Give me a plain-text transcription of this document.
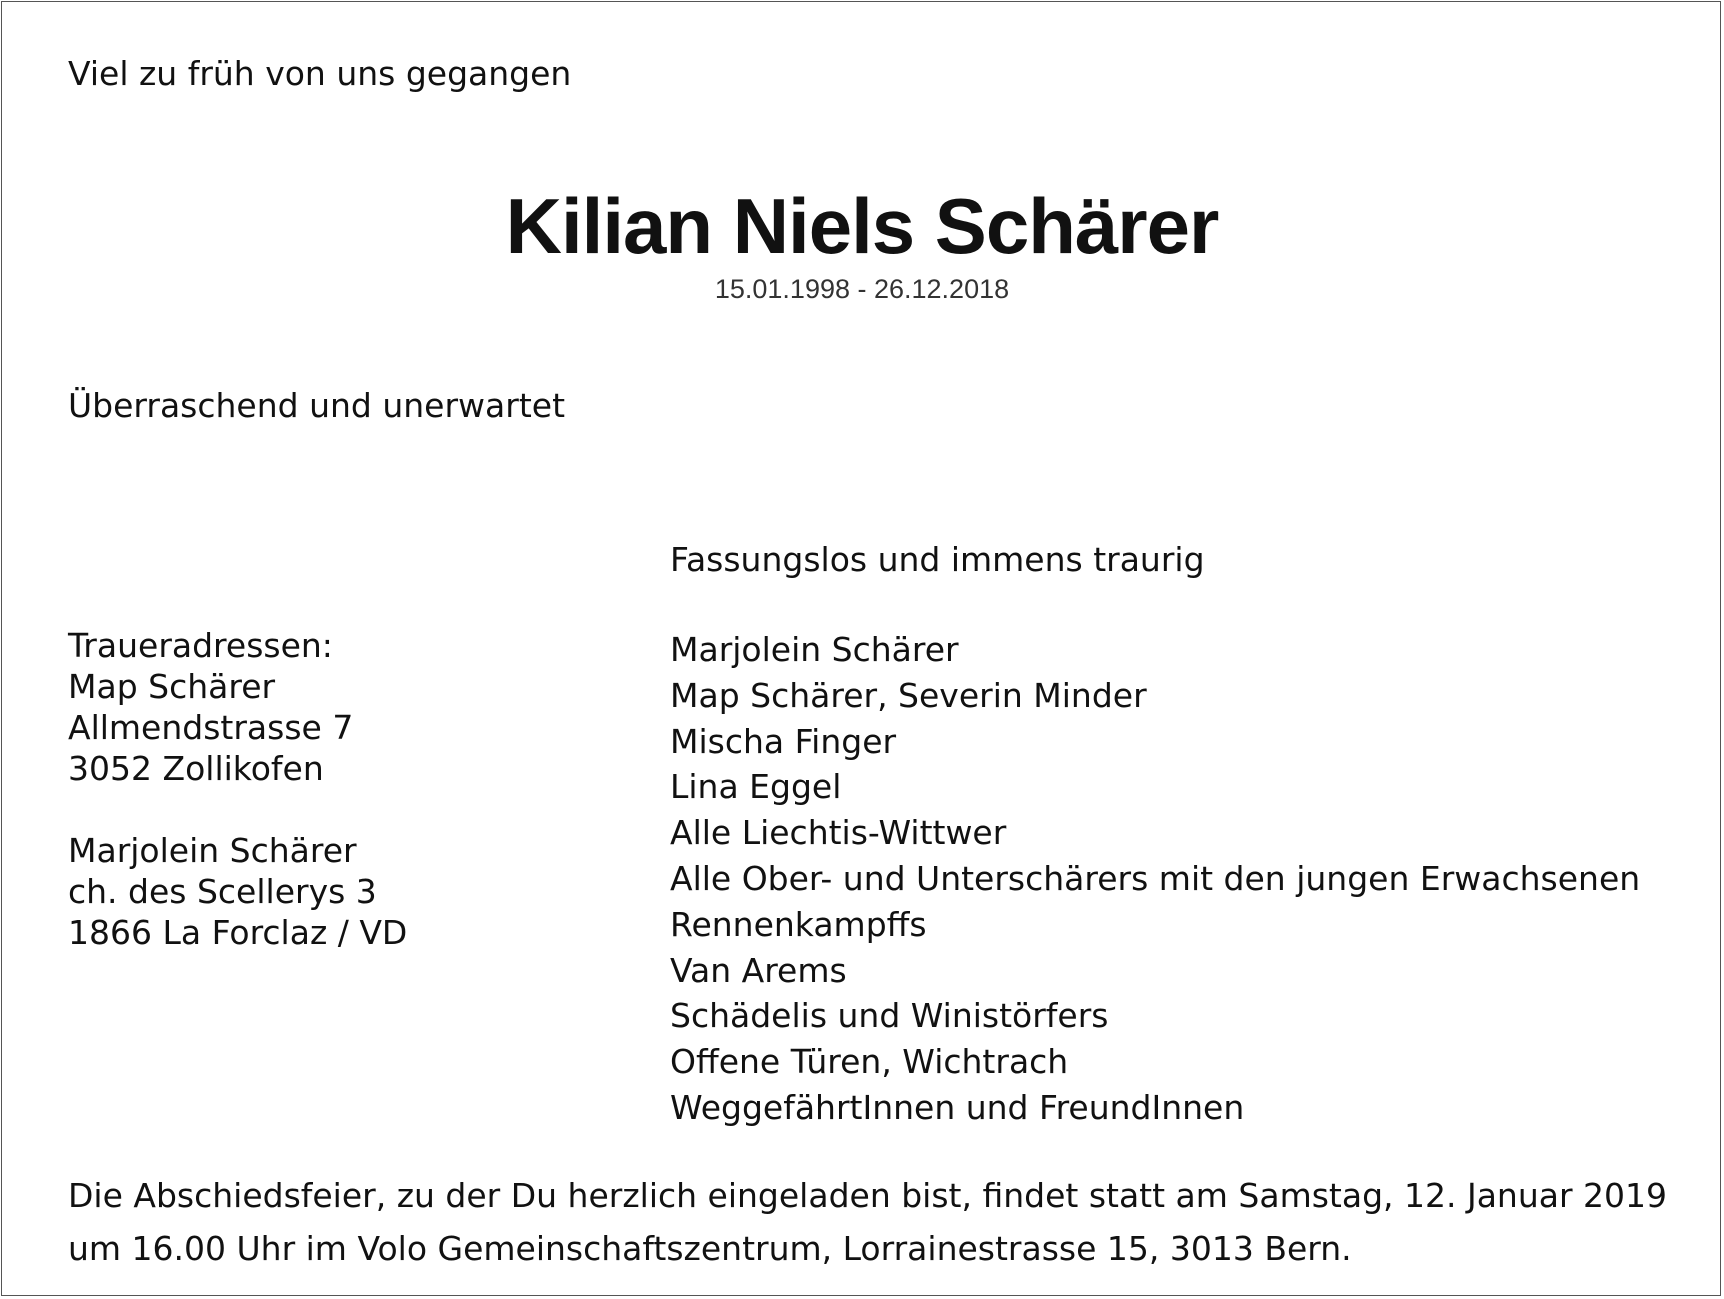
Viel zu früh von uns gegangen

Kilian Niels Schärer

15.01.1998 - 26.12.2018

Überraschend und unerwartet

Fassungslos und immens traurig

Traueradressen:
Map Schärer
Allmendstrasse 7
3052 Zollikofen
Marjolein Schärer
ch. des Scellerys 3
1866 La Forclaz / VD
Marjolein Schärer
Map Schärer, Severin Minder
Mischa Finger
Lina Eggel
Alle Liechtis-Wittwer
Alle Ober- und Unterschärers mit den jungen Erwachsenen
Rennenkampffs
Van Arems
Schädelis und Winistörfers
Offene Türen, Wichtrach
WeggefährtInnen und FreundInnen
Die Abschiedsfeier, zu der Du herzlich eingeladen bist, findet statt am Samstag, 12. Januar 2019
um 16.00 Uhr im Volo Gemeinschaftszentrum, Lorrainestrasse 15, 3013 Bern.
